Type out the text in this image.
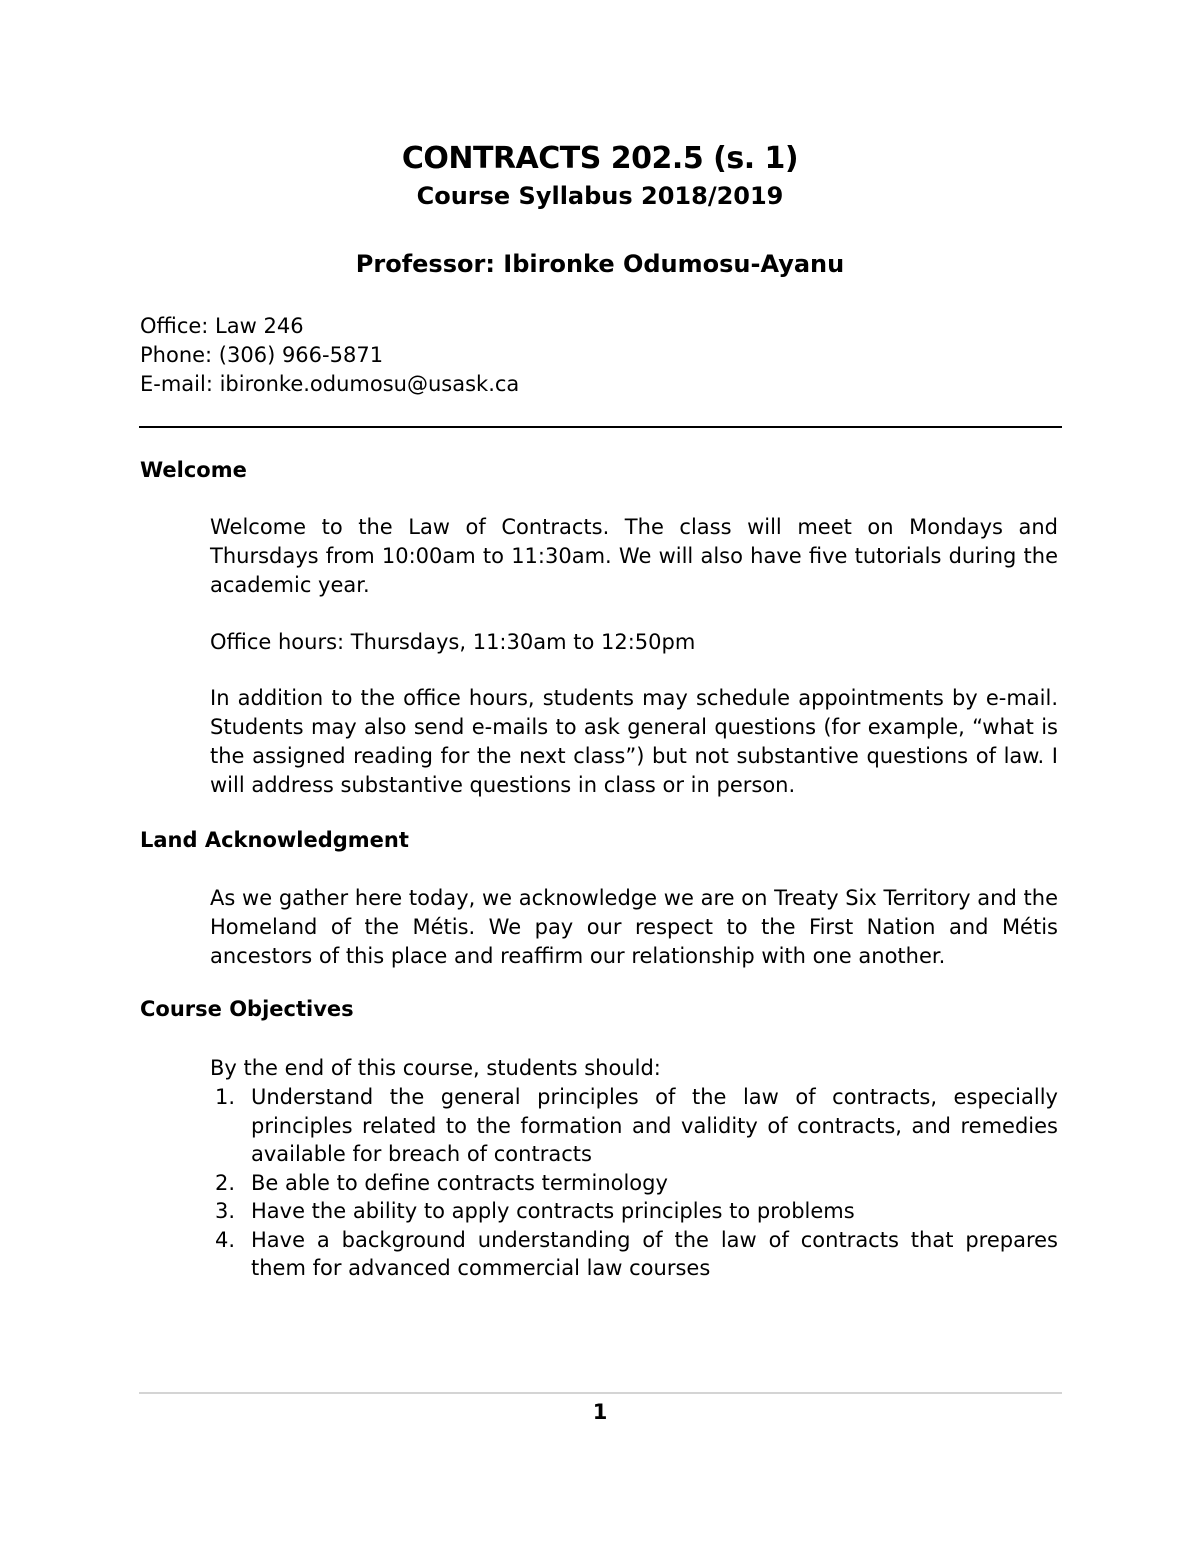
CONTRACTS 202.5 (s. 1)
Course Syllabus 2018/2019
Professor: Ibironke Odumosu-Ayanu
Office: Law 246
Phone: (306) 966-5871
E-mail: ibironke.odumosu@usask.ca
Welcome

Welcome to the Law of Contracts. The class will meet on Mondays and Thursdays from 10:00am to 11:30am. We will also have five tutorials during the academic year.

Office hours: Thursdays, 11:30am to 12:50pm

In addition to the office hours, students may schedule appointments by e-mail. Students may also send e-mails to ask general questions (for example, “what is the assigned reading for the next class”) but not substantive questions of law. I will address substantive questions in class or in person.

Land Acknowledgment

As we gather here today, we acknowledge we are on Treaty Six Territory and the Homeland of the Métis. We pay our respect to the First Nation and Métis ancestors of this place and reaffirm our relationship with one another.

Course Objectives

By the end of this course, students should:

1. Understand the general principles of the law of contracts, especially principles related to the formation and validity of contracts, and remedies available for breach of contracts
2. Be able to define contracts terminology
3. Have the ability to apply contracts principles to problems
4. Have a background understanding of the law of contracts that prepares them for advanced commercial law courses
1
